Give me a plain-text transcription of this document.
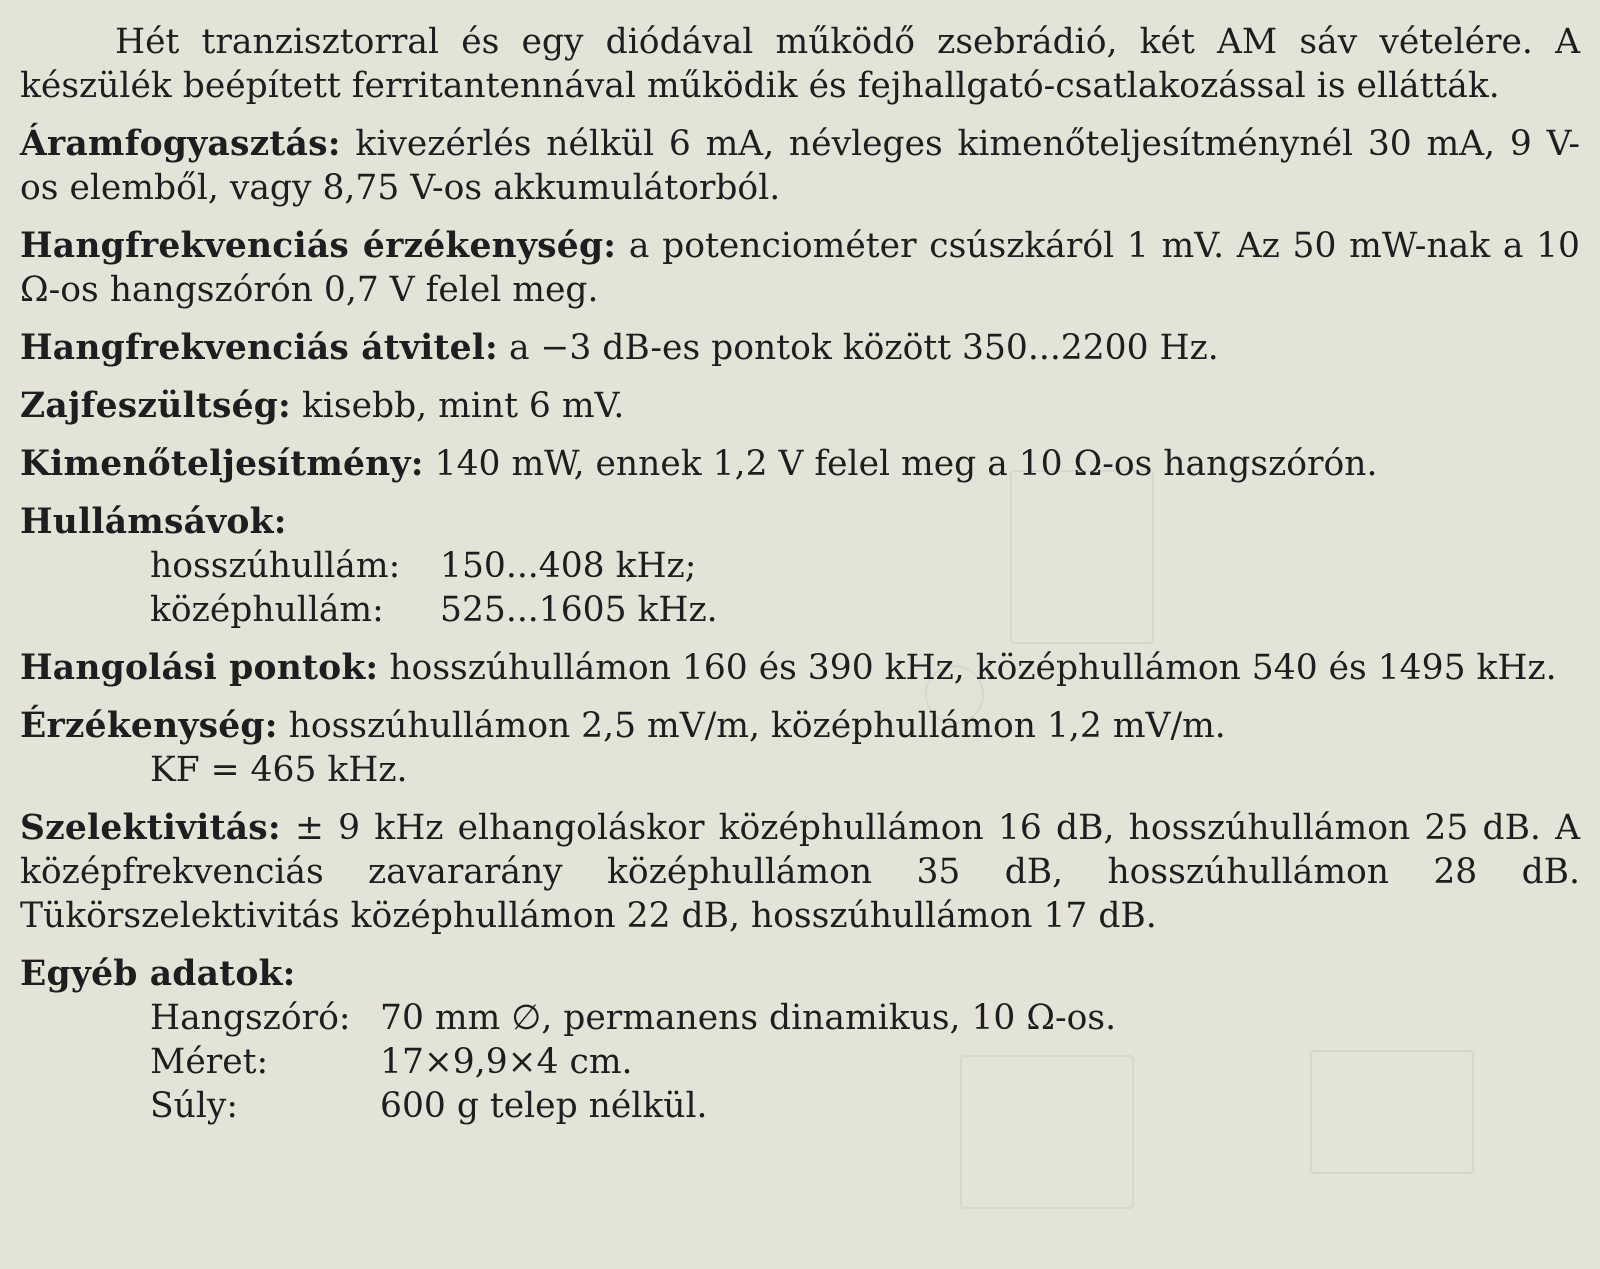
Hét tranzisztorral és egy diódával működő zsebrádió, két AM sáv vételére. A készülék beépített ferritantennával működik és fejhallgató-csatlakozással is ellátták.

Áramfogyasztás: kivezérlés nélkül 6 mA, névleges kimenőteljesítménynél 30 mA, 9 V-os elemből, vagy 8,75 V-os akkumulátorból.

Hangfrekvenciás érzékenység: a potenciométer csúszkáról 1 mV. Az 50 mW-nak a 10 Ω-os hangszórón 0,7 V felel meg.

Hangfrekvenciás átvitel: a −3 dB-es pontok között 350...2200 Hz.

Zajfeszültség: kisebb, mint 6 mV.

Kimenőteljesítmény: 140 mW, ennek 1,2 V felel meg a 10 Ω-os hangszórón.

Hullámsávok:
hosszúhullám:	150...408 kHz;
középhullám:	525...1605 kHz.

Hangolási pontok: hosszúhullámon 160 és 390 kHz, középhullámon 540 és 1495 kHz.

Érzékenység: hosszúhullámon 2,5 mV/m, középhullámon 1,2 mV/m.
KF = 465 kHz.

Szelektivitás: ± 9 kHz elhangoláskor középhullámon 16 dB, hosszúhullámon 25 dB. A középfrekvenciás zavararány középhullámon 35 dB, hosszúhullámon 28 dB. Tükörszelektivitás középhullámon 22 dB, hosszúhullámon 17 dB.

Egyéb adatok:
Hangszóró: 70 mm ∅, permanens dinamikus, 10 Ω-os.
Méret:	17×9,9×4 cm.
Súly:	600 g telep nélkül.
